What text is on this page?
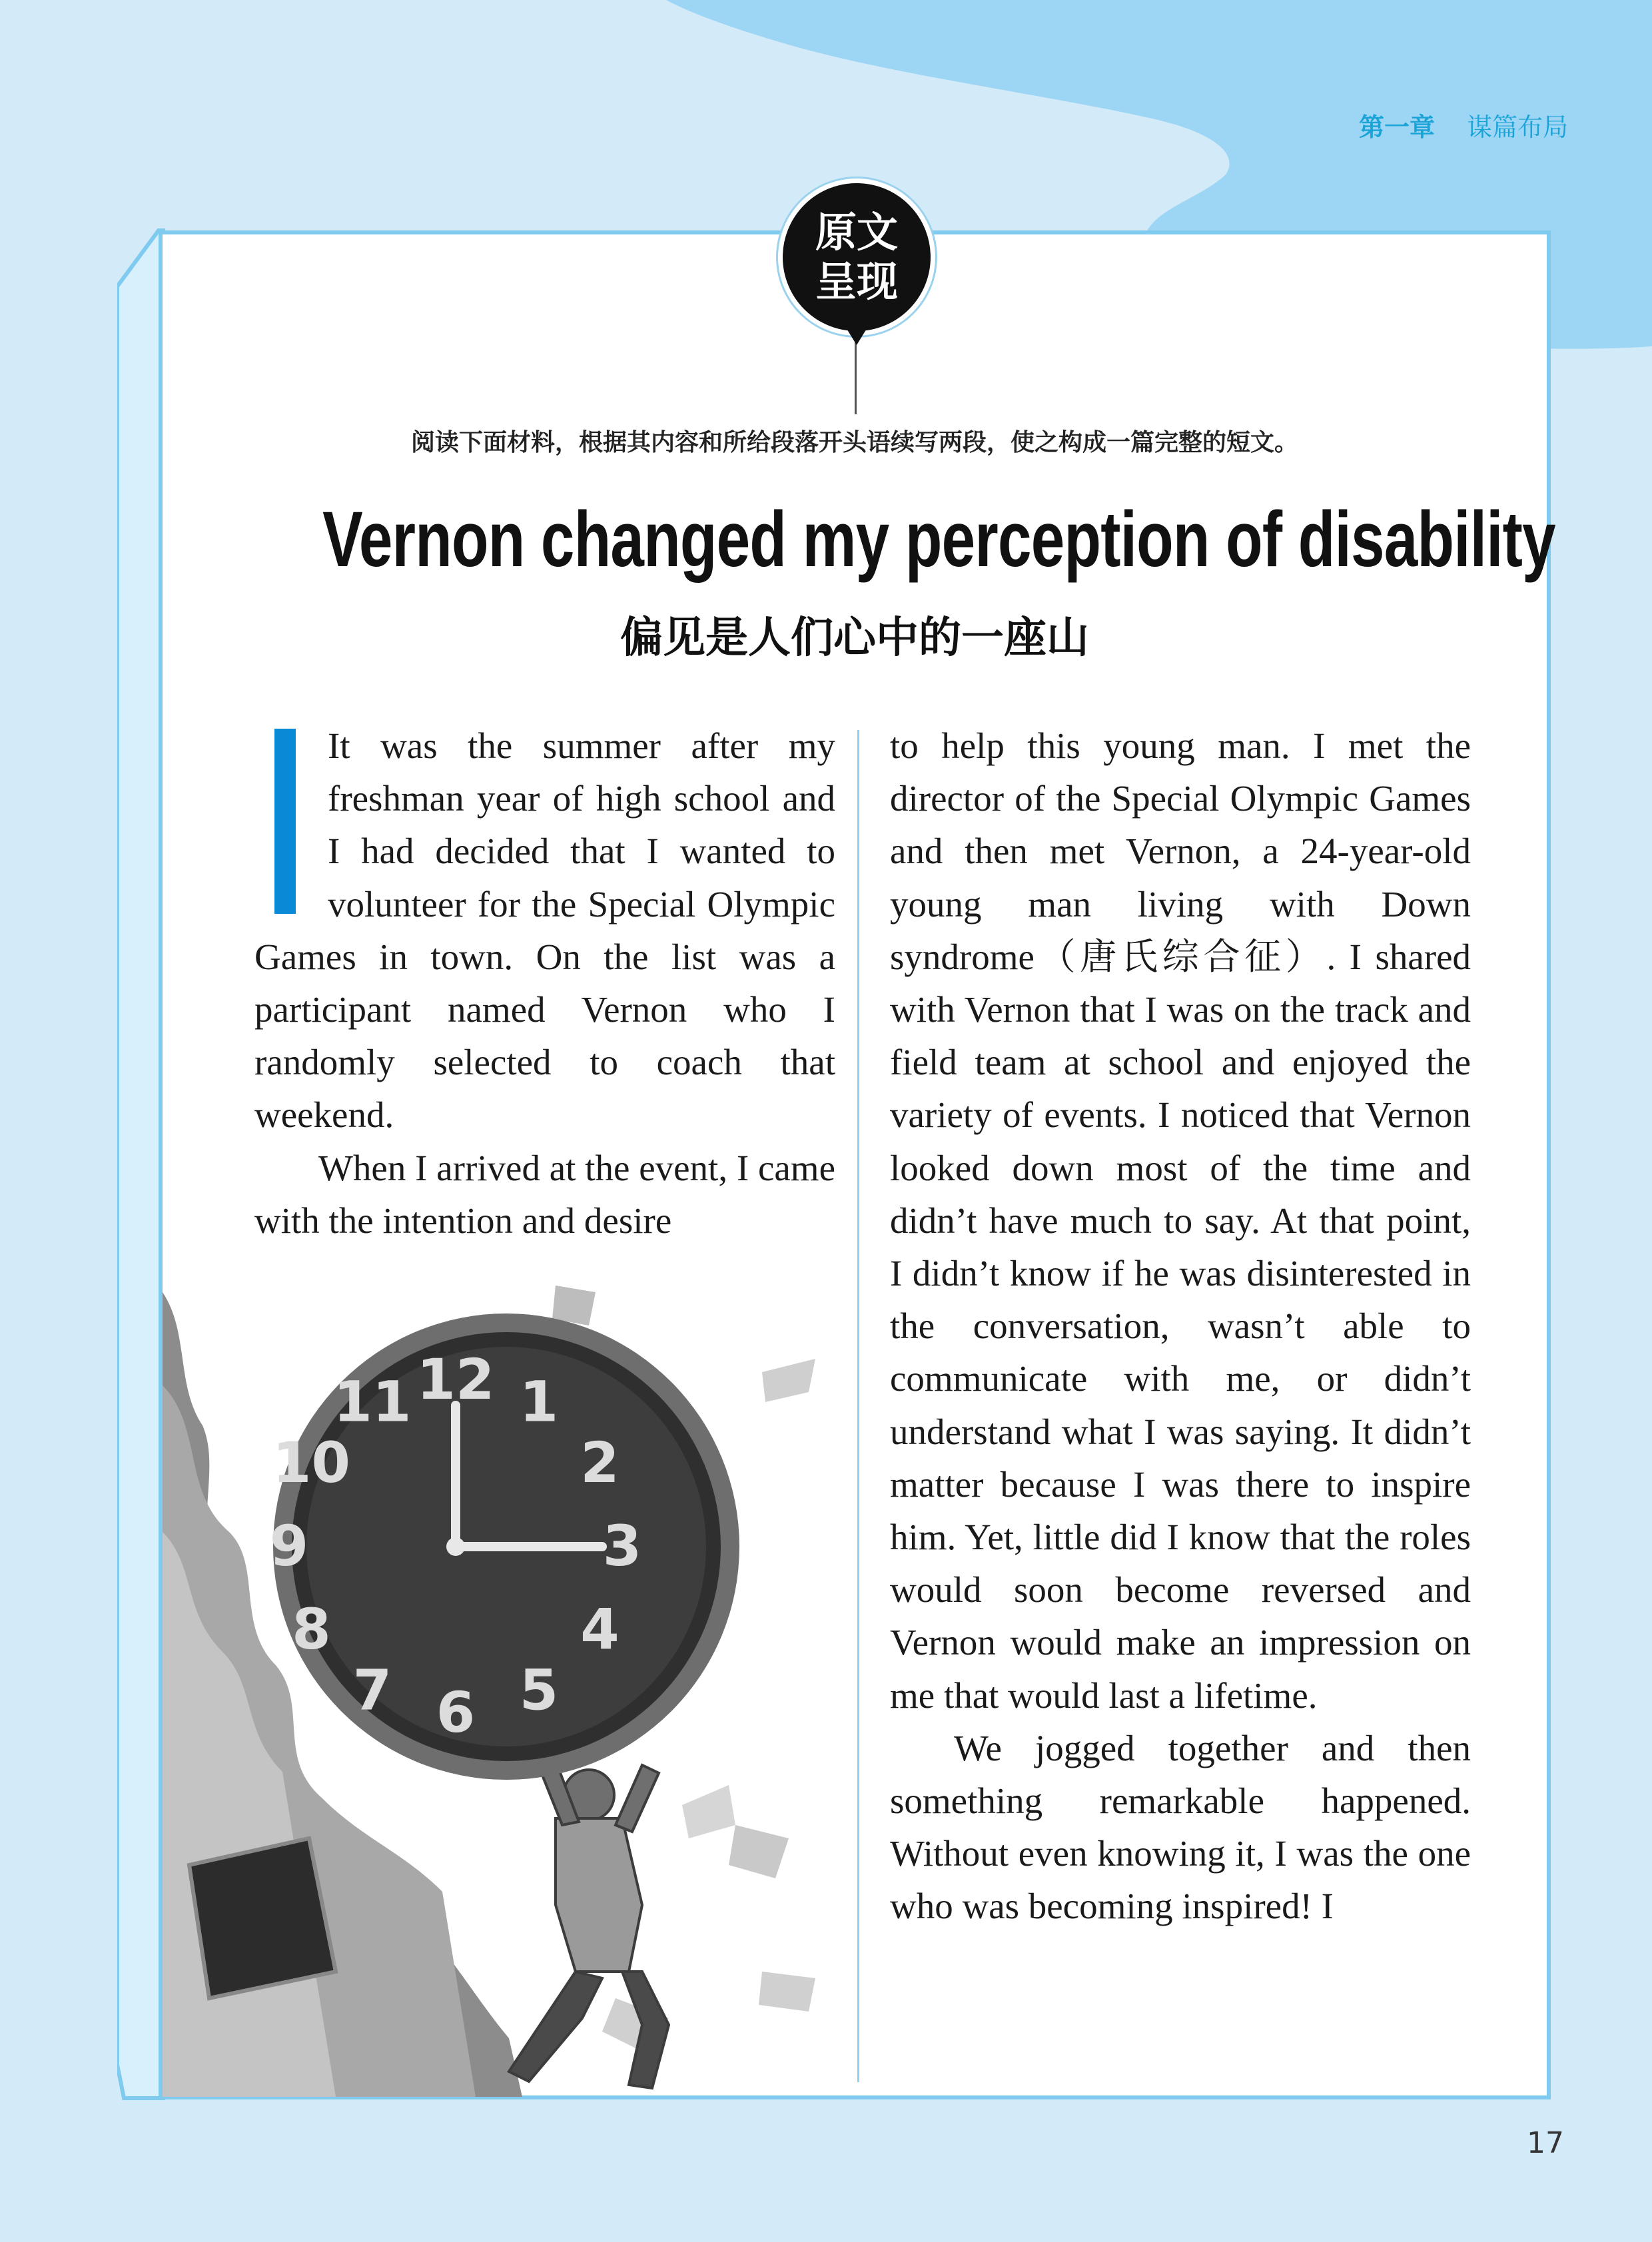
第一章 谋篇布局
原文
呈现
阅读下面材料，根据其内容和所给段落开头语续写两段，使之构成一篇完整的短文。
Vernon changed my perception of disability
偏见是人们心中的一座山

It was the summer after my freshman year of high school and I had decided that I wanted to volunteer for the Special Olympic Games in town. On the list was a participant named Vernon who I randomly selected to coach that weekend.

When I arrived at the event, I came with the intention and desire

to help this young man. I met the director of the Special Olympic Games and then met Vernon, a 24-year-old young man living with Down syndrome（唐氏综合征）. I shared with Vernon that I was on the track and field team at school and enjoyed the variety of events. I noticed that Vernon looked down most of the time and didn’t have much to say. At that point, I didn’t know if he was disinterested in the conversation, wasn’t able to communicate with me, or didn’t understand what I was saying. It didn’t matter because I was there to inspire him. Yet, little did I know that the roles would soon become reversed and Vernon would make an impression on me that would last a lifetime.

We jogged together and then something remarkable happened. Without even knowing it, I was the one who was becoming inspired! I

12 1
2
3
4
5
6
7
8
9
10
11
17
